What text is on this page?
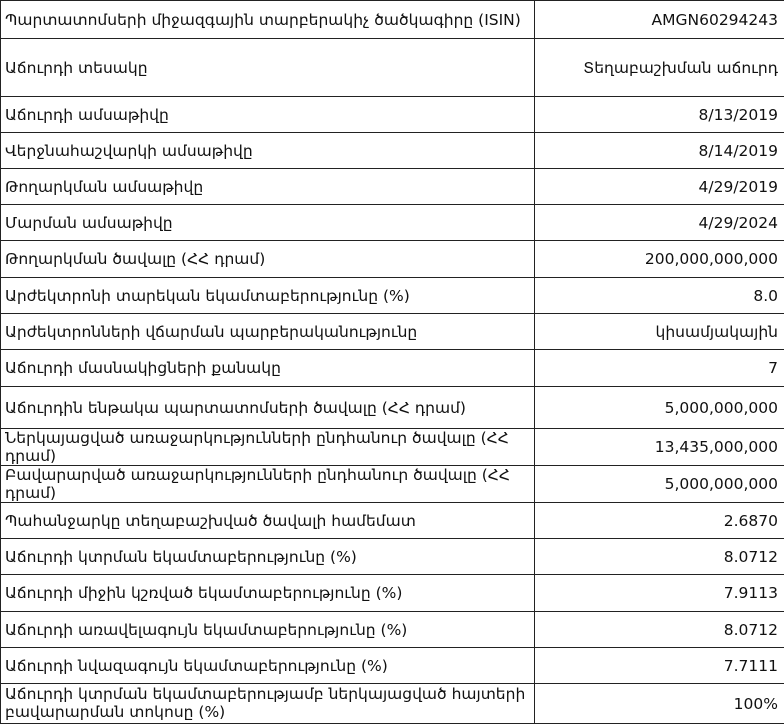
Պարտատոմսերի միջազգային տարբերակիչ ծածկագիրը (ISIN)	AMGN60294243
Աճուրդի տեսակը	Տեղաբաշխման աճուրդ
Աճուրդի ամսաթիվը	8/13/2019
Վերջնահաշվարկի ամսաթիվը	8/14/2019
Թողարկման ամսաթիվը	4/29/2019
Մարման ամսաթիվը	4/29/2024
Թողարկման ծավալը (ՀՀ դրամ)	200,000,000,000
Արժեկտրոնի տարեկան եկամտաբերությունը (%)	8.0
Արժեկտրոնների վճարման պարբերականությունը	կիսամյակային
Աճուրդի մասնակիցների քանակը	7
Աճուրդին ենթակա պարտատոմսերի ծավալը (ՀՀ դրամ)	5,000,000,000
Ներկայացված առաջարկությունների ընդհանուր ծավալը (ՀՀ դրամ)	13,435,000,000
Բավարարված առաջարկությունների ընդհանուր ծավալը (ՀՀ դրամ)	5,000,000,000
Պահանջարկը տեղաբաշխված ծավալի համեմատ	2.6870
Աճուրդի կտրման եկամտաբերությունը (%)	8.0712
Աճուրդի միջին կշռված եկամտաբերությունը (%)	7.9113
Աճուրդի առավելագույն եկամտաբերությունը (%)	8.0712
Աճուրդի նվազագույն եկամտաբերությունը (%)	7.7111
Աճուրդի կտրման եկամտաբերությամբ ներկայացված հայտերի բավարարման տոկոսը (%)	100%
